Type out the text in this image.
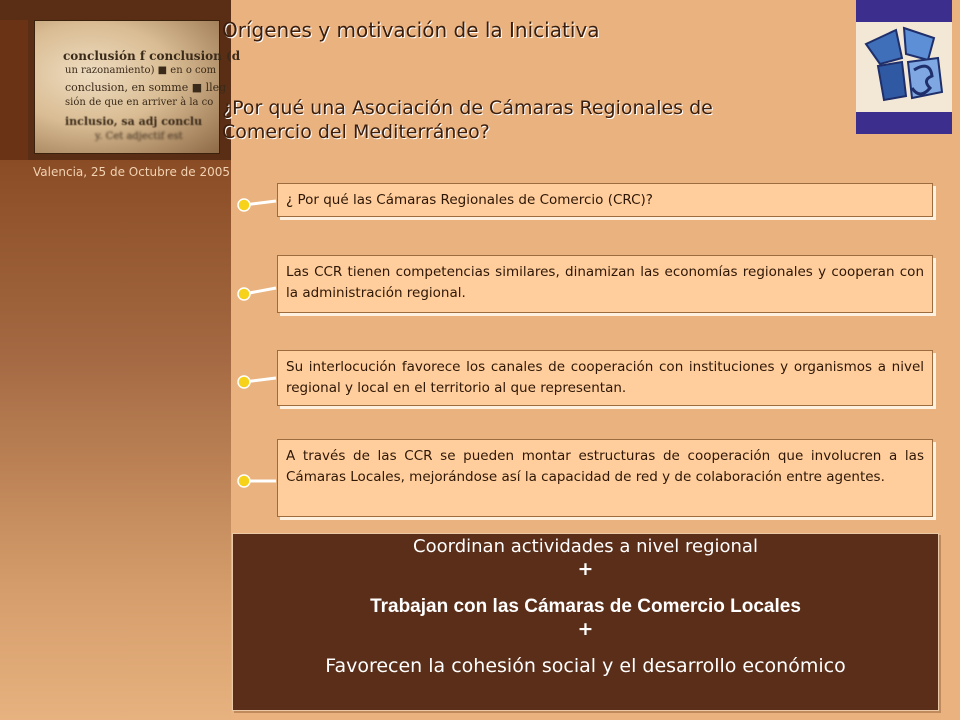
conclusión f conclusion (d

un razonamiento) ■ en o com

conclusion, en somme ■ lleg

sión de que en arriver à la co

inclusio, sa adj conclu

y. Cet adjectif est

Valencia, 25 de Octubre de 2005
Orígenes y motivación de la Iniciativa
¿Por qué una Asociación de Cámaras Regionales de Comercio del Mediterráneo?
¿ Por qué las Cámaras Regionales de Comercio (CRC)?
Las CCR tienen competencias similares, dinamizan las economías regionales y cooperan con la administración regional.
Su interlocución favorece los canales de cooperación con instituciones y organismos a nivel regional y local en el territorio al que representan.
A través de las CCR se pueden montar estructuras de cooperación que involucren a las Cámaras Locales, mejorándose así la capacidad de red y de colaboración entre agentes.
Coordinan actividades a nivel regional
+
Trabajan con las Cámaras de Comercio Locales
+
Favorecen la cohesión social y el desarrollo económico
